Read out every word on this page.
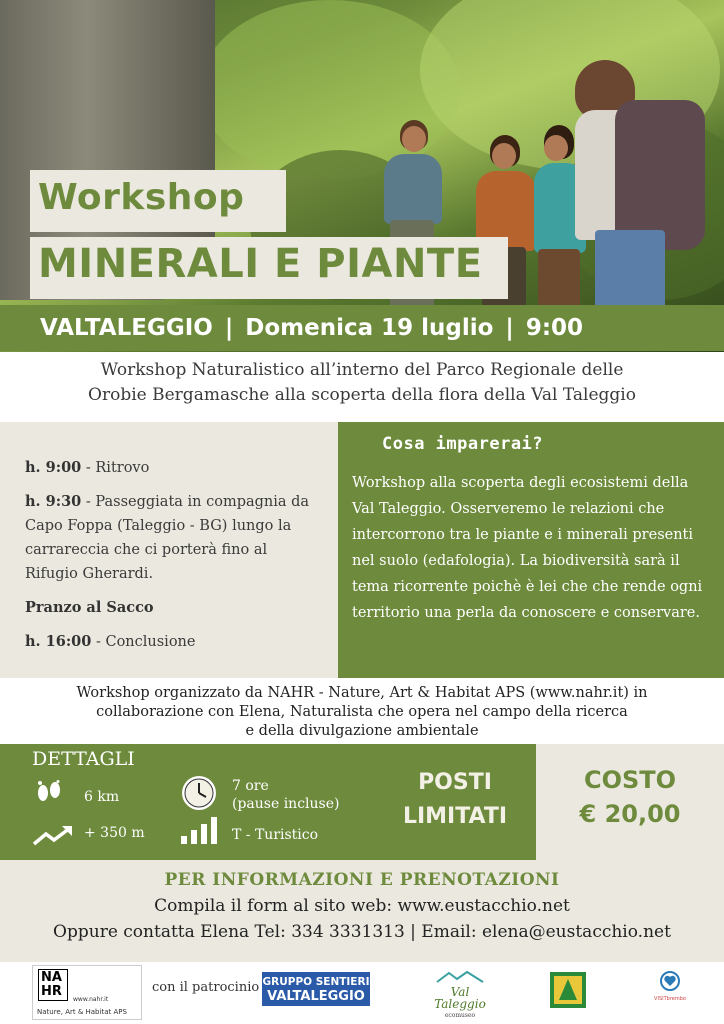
Workshop
MINERALI E PIANTE
VALTALEGGIO | Domenica 19 luglio | 9:00
Workshop Naturalistico all’interno del Parco Regionale delle
Orobie Bergamasche alla scoperta della flora della Val Taleggio

h. 9:00 - Ritrovo

h. 9:30 - Passeggiata in compagnia da Capo Foppa (Taleggio - BG) lungo la carrareccia che ci porterà fino al Rifugio Gherardi.

Pranzo al Sacco

h. 16:00 - Conclusione

Cosa imparerai?

Workshop alla scoperta degli ecosistemi della Val Taleggio. Osserveremo le relazioni che intercorrono tra le piante e i minerali presenti nel suolo (edafologia). La biodiversità sarà il tema ricorrente poichè è lei che che rende ogni territorio una perla da conoscere e conservare.

Workshop organizzato da NAHR - Nature, Art & Habitat APS (www.nahr.it) in
collaborazione con Elena, Naturalista che opera nel campo della ricerca
e della divulgazione ambientale
DETTAGLI
6 km
+ 350 m
7 ore
(pause incluse)
T - Turistico
POSTI
LIMITATI
COSTO
€ 20,00
PER INFORMAZIONI E PRENOTAZIONI
Compila il form al sito web: www.eustacchio.net
Oppure contatta Elena Tel: 334 3331313 | Email: elena@eustacchio.net
NA HR
www.nahr.it
Nature, Art & Habitat APS
con il patrocinio GRUPPO SENTIERI
VALTALEGGIO	Val Taleggio
ecomuseo
VISITbrembo
